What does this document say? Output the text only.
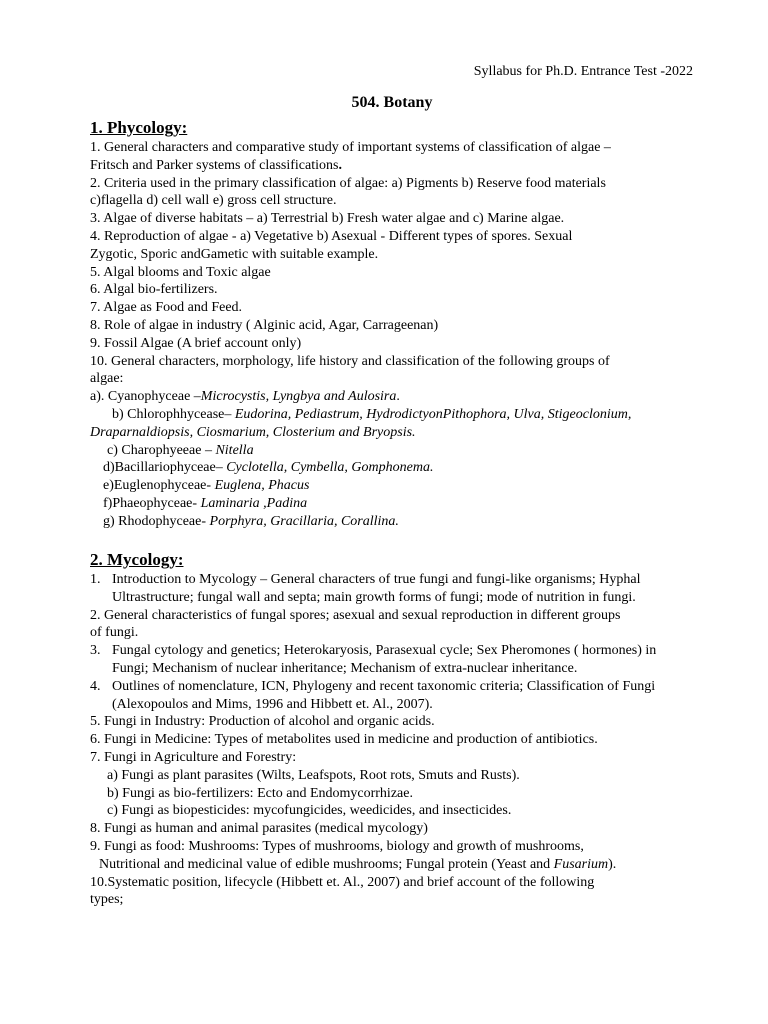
Syllabus for Ph.D. Entrance Test -2022
504. Botany
1. Phycology:
1. General characters and comparative study of important systems of classification of algae –
Fritsch and Parker systems of classifications.
2. Criteria used in the primary classification of algae: a) Pigments b) Reserve food materials
c)flagella d) cell wall e) gross cell structure.
3. Algae of diverse habitats – a) Terrestrial b) Fresh water algae and c) Marine algae.
4. Reproduction of algae - a) Vegetative b) Asexual - Different types of spores. Sexual
Zygotic, Sporic andGametic with suitable example.
5. Algal blooms and Toxic algae
6. Algal bio-fertilizers.
7. Algae as Food and Feed.
8. Role of algae in industry ( Alginic acid, Agar, Carrageenan)
9. Fossil Algae (A brief account only)
10. General characters, morphology, life history and classification of the following groups of
algae:
a). Cyanophyceae –Microcystis, Lyngbya and Aulosira.
b) Chlorophhycease– Eudorina, Pediastrum, HydrodictyonPithophora, Ulva, Stigeoclonium,
Draparnaldiopsis, Ciosmarium, Closterium and Bryopsis.
c) Charophyeeae – Nitella
d)Bacillariophyceae– Cyclotella, Cymbella, Gomphonema.
e)Euglenophyceae- Euglena, Phacus
f)Phaeophyceae- Laminaria ,Padina
g) Rhodophyceae- Porphyra, Gracillaria, Corallina.
2. Mycology:
1. Introduction to Mycology – General characters of true fungi and fungi-like organisms; Hyphal Ultrastructure; fungal wall and septa; main growth forms of fungi; mode of nutrition in fungi.
2. General characteristics of fungal spores; asexual and sexual reproduction in different groups
of fungi.
3. Fungal cytology and genetics; Heterokaryosis, Parasexual cycle; Sex Pheromones ( hormones) in Fungi; Mechanism of nuclear inheritance; Mechanism of extra-nuclear inheritance.
4. Outlines of nomenclature, ICN, Phylogeny and recent taxonomic criteria; Classification of Fungi (Alexopoulos and Mims, 1996 and Hibbett et. Al., 2007).
5. Fungi in Industry: Production of alcohol and organic acids.
6. Fungi in Medicine: Types of metabolites used in medicine and production of antibiotics.
7. Fungi in Agriculture and Forestry:
a) Fungi as plant parasites (Wilts, Leafspots, Root rots, Smuts and Rusts).
b) Fungi as bio-fertilizers: Ecto and Endomycorrhizae.
c) Fungi as biopesticides: mycofungicides, weedicides, and insecticides.
8. Fungi as human and animal parasites (medical mycology)
9. Fungi as food: Mushrooms: Types of mushrooms, biology and growth of mushrooms,
Nutritional and medicinal value of edible mushrooms; Fungal protein (Yeast and Fusarium).
10.Systematic position, lifecycle (Hibbett et. Al., 2007) and brief account of the following
types;
